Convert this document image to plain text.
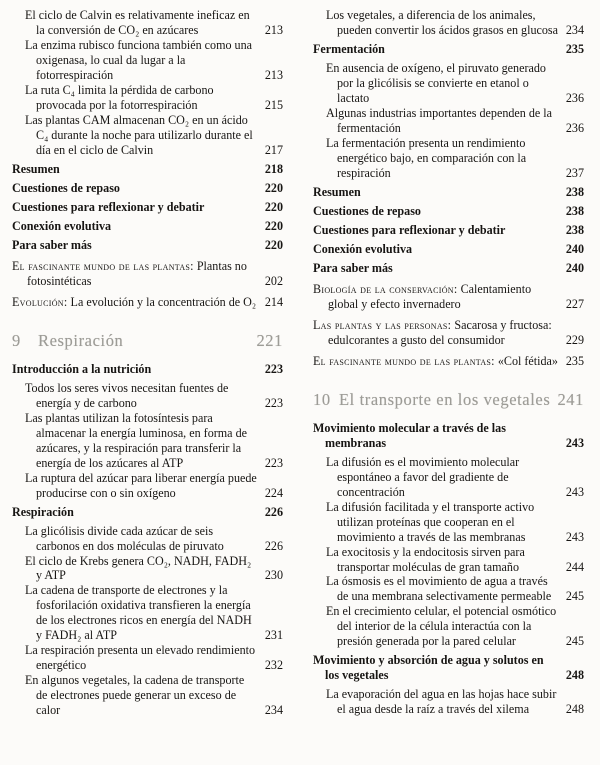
El ciclo de Calvin es relativamente ineficaz en la conversión de CO₂ en azúcares	213
La enzima rubisco funciona también como una oxigenasa, lo cual da lugar a la fotorrespiración	213
La ruta C₄ limita la pérdida de carbono provocada por la fotorrespiración	215
Las plantas CAM almacenan CO₂ en un ácido C₄ durante la noche para utilizarlo durante el día en el ciclo de Calvin	217
Resumen	218
Cuestiones de repaso	220
Cuestiones para reflexionar y debatir	220
Conexión evolutiva	220
Para saber más	220
El fascinante mundo de las plantas: Plantas no fotosintéticas	202
Evolución: La evolución y la concentración de O₂ 214
9	Respiración	221
Introducción a la nutrición	223
Todos los seres vivos necesitan fuentes de energía y de carbono	223
Las plantas utilizan la fotosíntesis para almacenar la energía luminosa, en forma de azúcares, y la respiración para transferir la energía de los azúcares al ATP	223
La ruptura del azúcar para liberar energía puede producirse con o sin oxígeno	224
Respiración	226
La glicólisis divide cada azúcar de seis carbonos en dos moléculas de piruvato	226
El ciclo de Krebs genera CO₂, NADH, FADH₂ y ATP	230
La cadena de transporte de electrones y la fosforilación oxidativa transfieren la energía de los electrones ricos en energía del NADH y FADH₂ al ATP	231
La respiración presenta un elevado rendimiento energético	232
En algunos vegetales, la cadena de transporte de electrones puede generar un exceso de calor	234
Los vegetales, a diferencia de los animales, pueden convertir los ácidos grasos en glucosa 234
Fermentación	235
En ausencia de oxígeno, el piruvato generado por la glicólisis se convierte en etanol o lactato	236
Algunas industrias importantes dependen de la fermentación	236
La fermentación presenta un rendimiento energético bajo, en comparación con la respiración	237
Resumen	238
Cuestiones de repaso	238
Cuestiones para reflexionar y debatir	238
Conexión evolutiva	240
Para saber más	240
Biología de la conservación: Calentamiento global y efecto invernadero	227
Las plantas y las personas: Sacarosa y fructosa: edulcorantes a gusto del consumidor	229
El fascinante mundo de las plantas: «Col fétida» 235
10 El transporte en los vegetales 241
Movimiento molecular a través de las membranas	243
La difusión es el movimiento molecular espontáneo a favor del gradiente de concentración	243
La difusión facilitada y el transporte activo utilizan proteínas que cooperan en el movimiento a través de las membranas	243
La exocitosis y la endocitosis sirven para transportar moléculas de gran tamaño	244
La ósmosis es el movimiento de agua a través de una membrana selectivamente permeable	245
En el crecimiento celular, el potencial osmótico del interior de la célula interactúa con la presión generada por la pared celular	245
Movimiento y absorción de agua y solutos en los vegetales	248
La evaporación del agua en las hojas hace subir el agua desde la raíz a través del xilema	248
